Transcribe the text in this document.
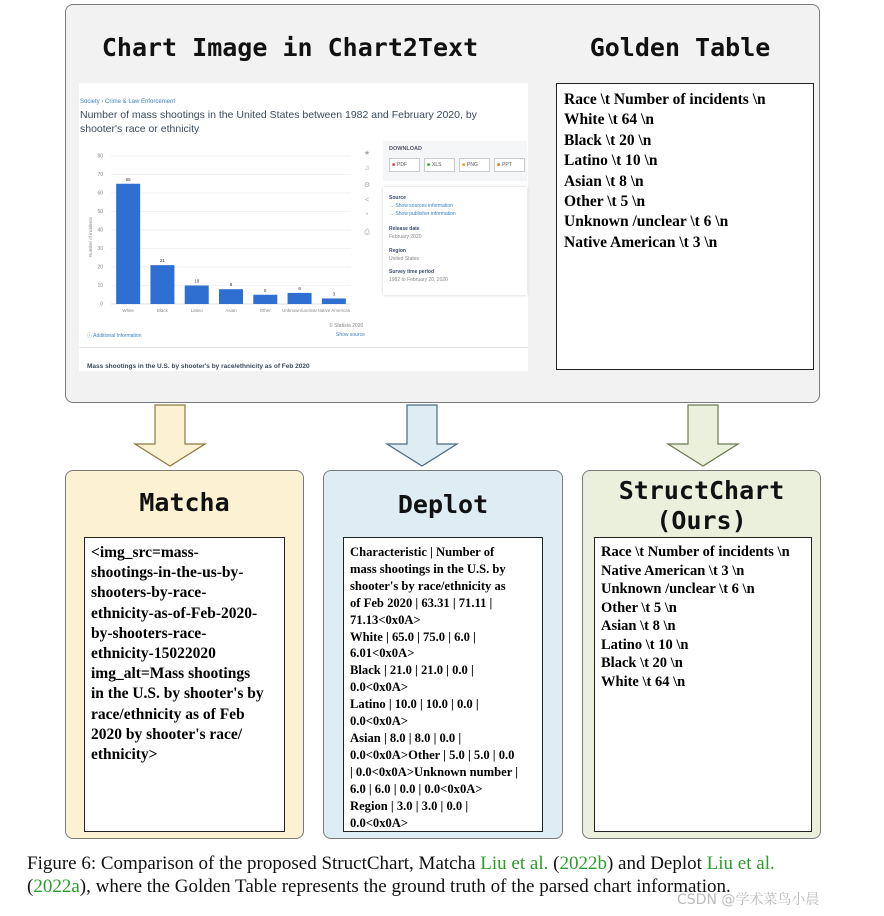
Chart Image in Chart2Text	Golden Table
Race \t Number of incidents \n
White \t 64 \n
Black \t 20 \n
Latino \t 10 \n
Asian \t 8 \n
Other \t 5 \n
Unknown /unclear \t 6 \n
Native American \t 3 \n
Society › Crime & Law Enforcement
Number of mass shootings in the United States between 1982 and February 2020, by
shooter's race or ethnicity
Number of incidents
0
10
20
30
40
50
60
70
80
65
White
21
Black
10
Latino
8
Asian
5
Other
6
Unknown/unclear
3
Native American
★
♫
⚙
<
”
⎙
DOWNLOAD
■ PDF	■ XLS	■ PNG	■ PPT
Source
→ Show sources information
→ Show publisher information
Release date
February 2020
Region
United States
Survey time period
1982 to February 20, 2020
ⓘ Additional Information
© Statista 2020
Show source
Mass shootings in the U.S. by shooter's by race/ethnicity as of Feb 2020
Matcha
<img_src=mass-
shootings-in-the-us-by-
shooters-by-race-
ethnicity-as-of-Feb-2020-
by-shooters-race-
ethnicity-15022020
img_alt=Mass shootings
in the U.S. by shooter's by
race/ethnicity as of Feb
2020 by shooter's race/
ethnicity>
Deplot
Characteristic | Number of
mass shootings in the U.S. by
shooter's by race/ethnicity as
of Feb 2020 | 63.31 | 71.11 |
71.13<0x0A>
White | 65.0 | 75.0 | 6.0 |
6.01<0x0A>
Black | 21.0 | 21.0 | 0.0 |
0.0<0x0A>
Latino | 10.0 | 10.0 | 0.0 |
0.0<0x0A>
Asian | 8.0 | 8.0 | 0.0 |
0.0<0x0A>Other | 5.0 | 5.0 | 0.0
| 0.0<0x0A>Unknown number |
6.0 | 6.0 | 0.0 | 0.0<0x0A>
Region | 3.0 | 3.0 | 0.0 |
0.0<0x0A>
StructChart
(Ours)
Race \t Number of incidents \n
Native American \t 3 \n
Unknown /unclear \t 6 \n
Other \t 5 \n
Asian \t 8 \n
Latino \t 10 \n
Black \t 20 \n
White \t 64 \n
Figure 6: Comparison of the proposed StructChart, Matcha Liu et al. (2022b) and Deplot Liu et al.
(2022a), where the Golden Table represents the ground truth of the parsed chart information.
CSDN @学术菜鸟小晨
